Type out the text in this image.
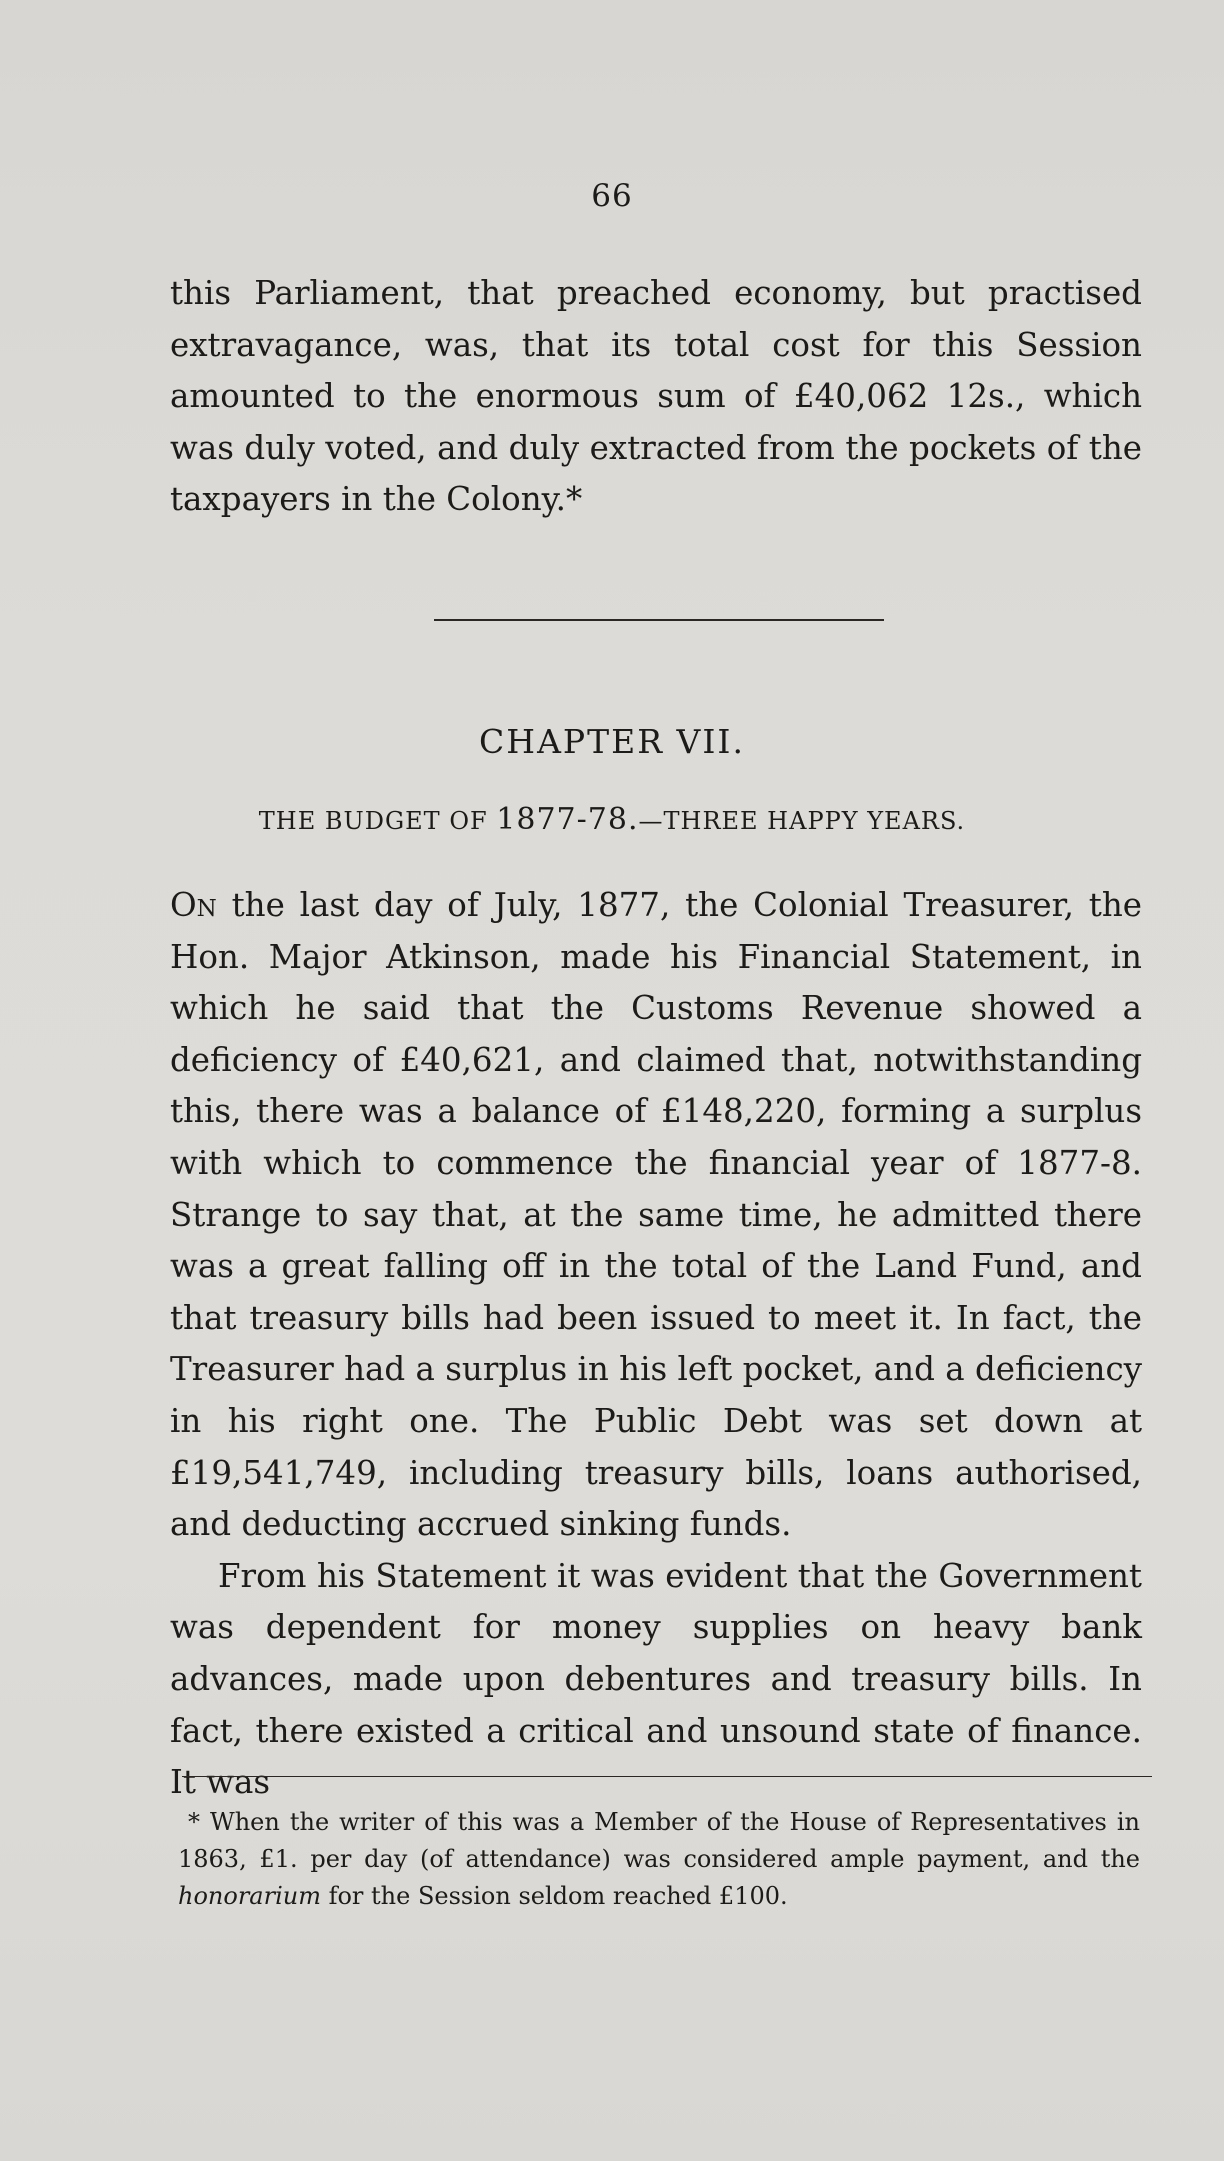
66

this Parliament, that preached economy, but practised extravagance, was, that its total cost for this Session amounted to the enormous sum of £40,062 12s., which was duly voted, and duly extracted from the pockets of the taxpayers in the Colony.*

CHAPTER VII.
THE BUDGET OF 1877-78.—THREE HAPPY YEARS.

On the last day of July, 1877, the Colonial Treasurer, the Hon. Major Atkinson, made his Financial Statement, in which he said that the Customs Revenue showed a deficiency of £40,621, and claimed that, notwithstanding this, there was a balance of £148,220, forming a surplus with which to commence the financial year of 1877-8. Strange to say that, at the same time, he admitted there was a great falling off in the total of the Land Fund, and that treasury bills had been issued to meet it. In fact, the Treasurer had a surplus in his left pocket, and a deficiency in his right one. The Public Debt was set down at £19,541,749, including treasury bills, loans authorised, and deducting accrued sinking funds.

From his Statement it was evident that the Government was dependent for money supplies on heavy bank advances, made upon debentures and treasury bills. In fact, there existed a critical and unsound state of finance. It was

* When the writer of this was a Member of the House of Representatives in 1863, £1. per day (of attendance) was considered ample payment, and the honorarium for the Session seldom reached £100.
